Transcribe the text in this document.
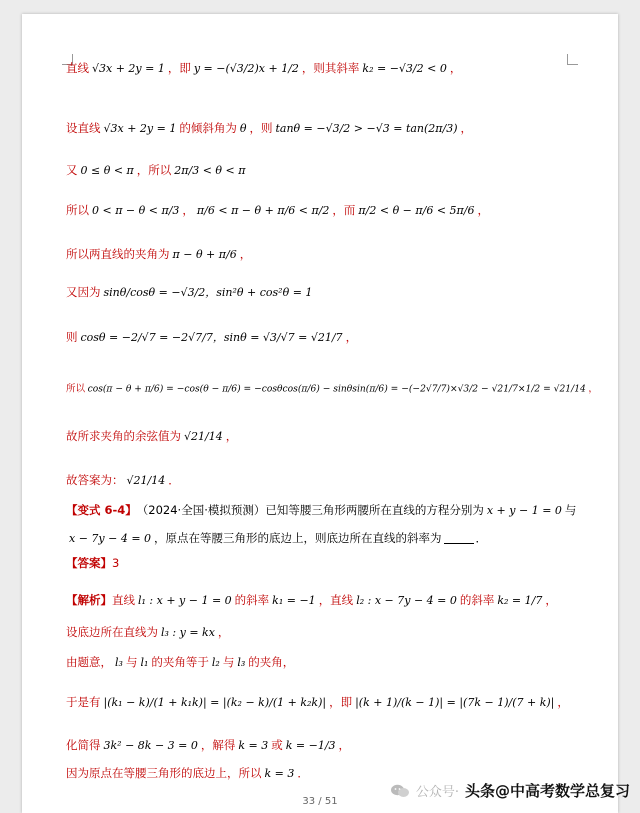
直线 √3x + 2y = 1 ，即 y = −(√3/2)x + 1/2 ，则其斜率 k₂ = −√3/2 < 0 ，
设直线 √3x + 2y = 1 的倾斜角为 θ ，则 tanθ = −√3/2 > −√3 = tan(2π/3) ，
又 0 ≤ θ < π ，所以 2π/3 < θ < π
所以 0 < π − θ < π/3 ， π/6 < π − θ + π/6 < π/2 ，而 π/2 < θ − π/6 < 5π/6 ，
所以两直线的夹角为 π − θ + π/6 ，
又因为 sinθ/cosθ = −√3/2，sin²θ + cos²θ = 1
则 cosθ = −2/√7 = −2√7/7，sinθ = √3/√7 = √21/7 ，
所以 cos(π − θ + π/6) = −cos(θ − π/6) = −cosθcos(π/6) − sinθsin(π/6) = −(−2√7/7)×√3/2 − √21/7×1/2 = √21/14 ，
故所求夹角的余弦值为 √21/14 ，
故答案为： √21/14 ．
【变式 6-4】 （2024·全国·模拟预测）已知等腰三角形两腰所在直线的方程分别为 x + y − 1 = 0 与
x − 7y − 4 = 0 ，原点在等腰三角形的底边上，则底边所在直线的斜率为	．
【答案】 3
【解析】 直线 l₁ : x + y − 1 = 0 的斜率 k₁ = −1 ，直线 l₂ : x − 7y − 4 = 0 的斜率 k₂ = 1/7 ，
设底边所在直线为 l₃ : y = kx ，
由题意， l₃ 与 l₁ 的夹角等于 l₂ 与 l₃ 的夹角，
于是有 |(k₁ − k)/(1 + k₁k)| = |(k₂ − k)/(1 + k₂k)| ，即 |(k + 1)/(k − 1)| = |(7k − 1)/(7 + k)| ，
化简得 3k² − 8k − 3 = 0 ，解得 k = 3 或 k = −1/3 ，
因为原点在等腰三角形的底边上，所以 k = 3 ．
33 / 51
公众号· 头条@中高考数学总复习
